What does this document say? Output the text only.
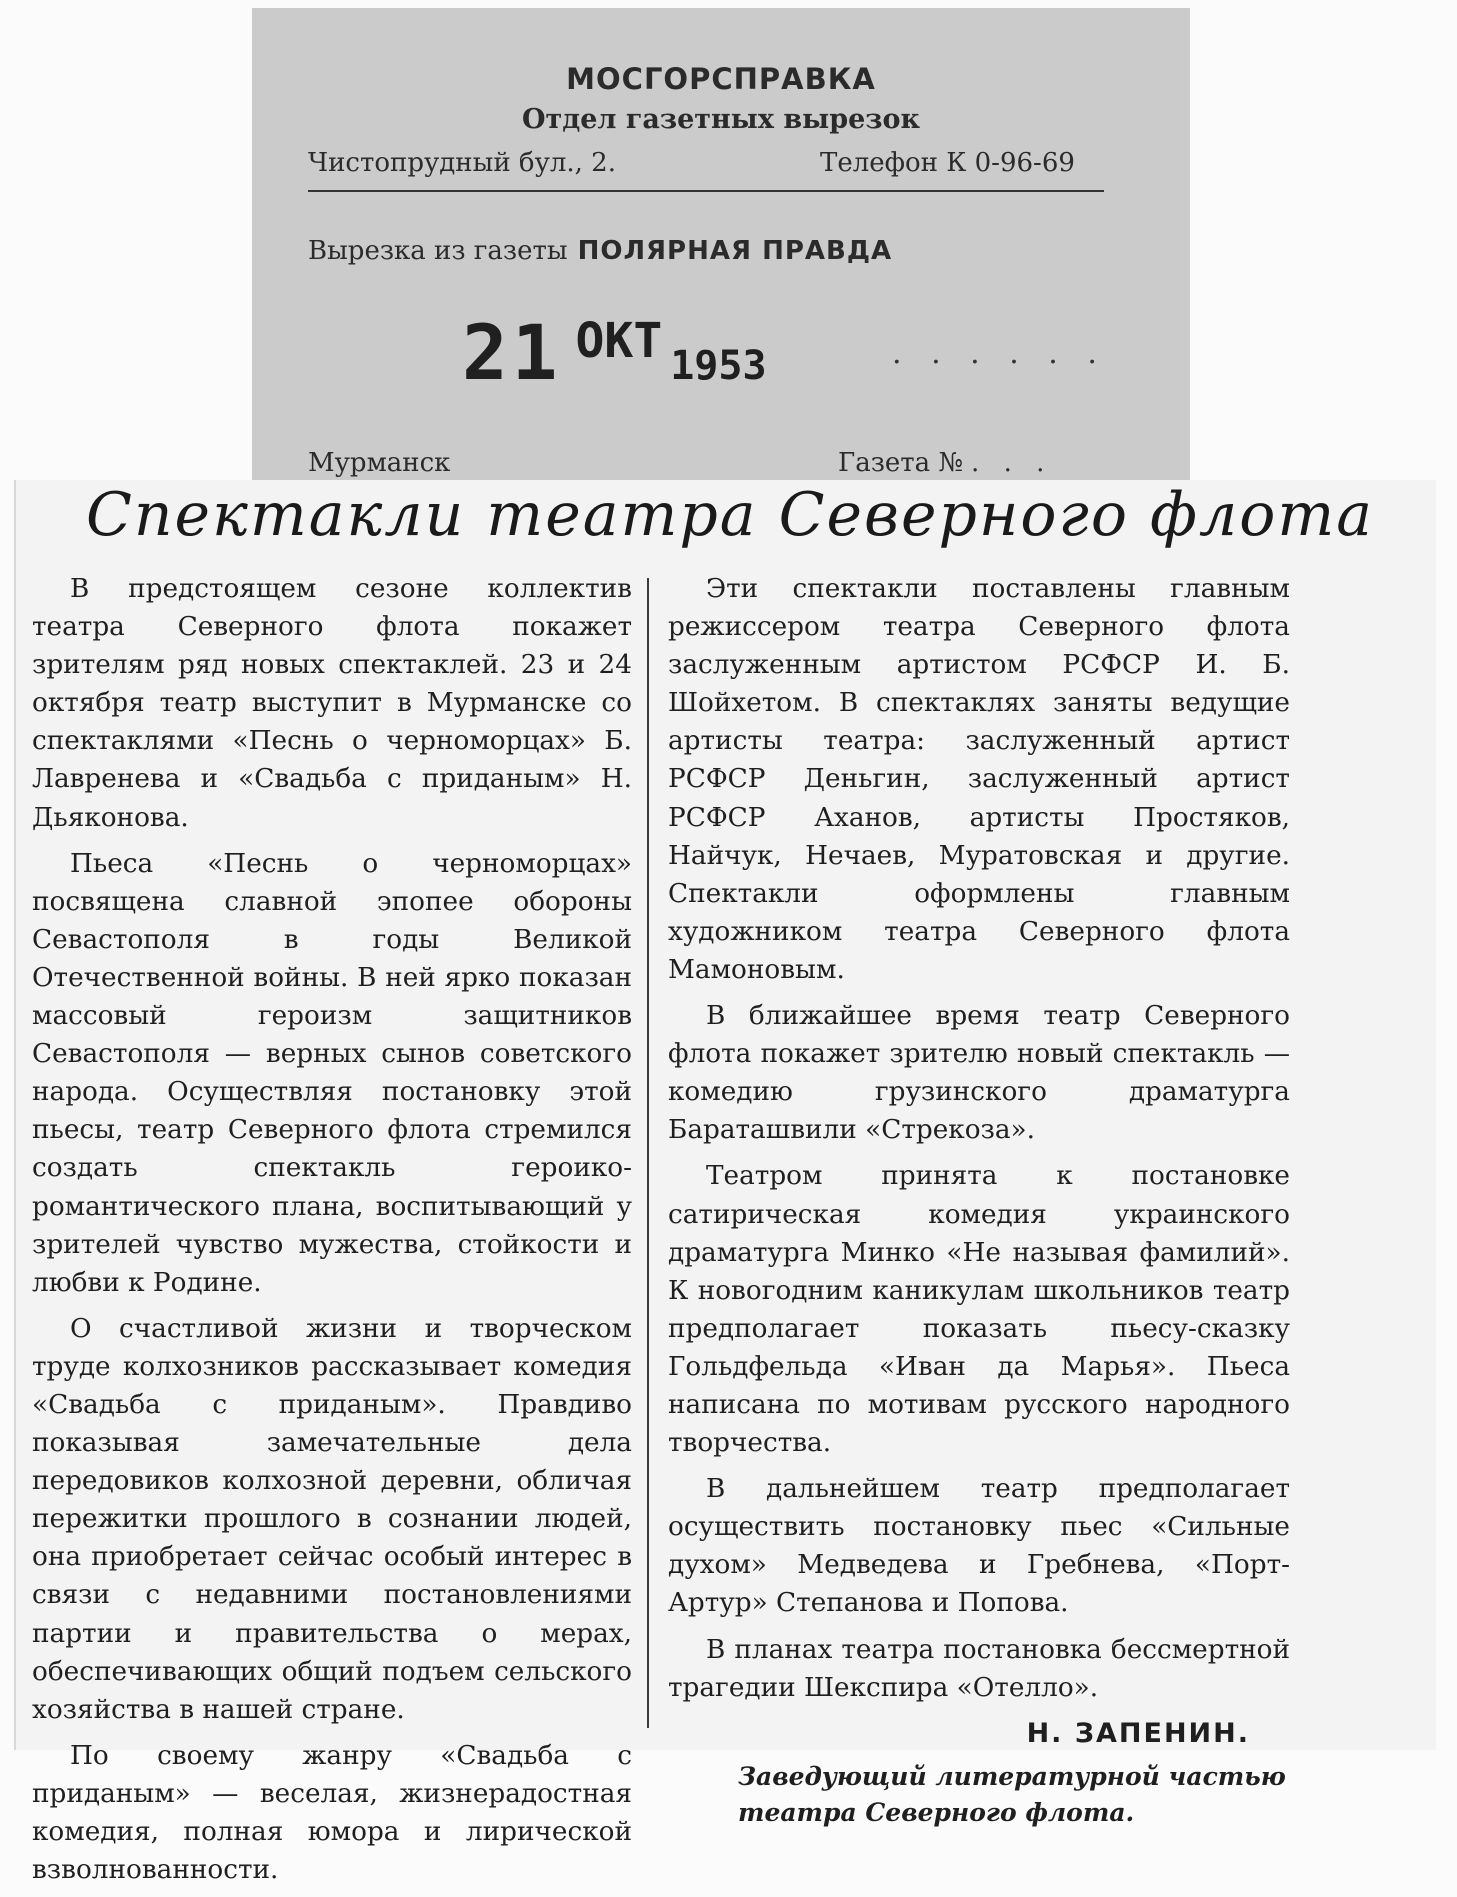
МОСГОРСПРАВКА
Отдел газетных вырезок
Чистопрудный бул., 2.	Телефон К 0-96-69
Вырезка из газеты ПОЛЯРНАЯ ПРАВДА
21 ОКТ 1953	. . . . . .
Мурманск	Газета № . . .
Спектакли театра Северного флота

В предстоящем сезоне коллектив театра Северного флота покажет зрителям ряд новых спектаклей. 23 и 24 октября театр выступит в Мурманске со спектаклями «Песнь о черноморцах» Б. Лавренева и «Свадьба с приданым» Н. Дьяконова.

Пьеса «Песнь о черноморцах» посвящена славной эпопее обороны Севастополя в годы Великой Отечественной войны. В ней ярко показан массовый героизм защитников Севастополя — верных сынов советского народа. Осуществляя постановку этой пьесы, театр Северного флота стремился создать спектакль героико-романтического плана, воспитывающий у зрителей чувство мужества, стойкости и любви к Родине.

О счастливой жизни и творческом труде колхозников рассказывает комедия «Свадьба с приданым». Правдиво показывая замечательные дела передовиков колхозной деревни, обличая пережитки прошлого в сознании людей, она приобретает сейчас особый интерес в связи с недавними постановлениями партии и правительства о мерах, обеспечивающих общий подъем сельского хозяйства в нашей стране.

По своему жанру «Свадьба с приданым» — веселая, жизнерадостная комедия, полная юмора и лирической взволнованности.

Эти спектакли поставлены главным режиссером театра Северного флота заслуженным артистом РСФСР И. Б. Шойхетом. В спектаклях заняты ведущие артисты театра: заслуженный артист РСФСР Деньгин, заслуженный артист РСФСР Аханов, артисты Простяков, Найчук, Нечаев, Муратовская и другие. Спектакли оформлены главным художником театра Северного флота Мамоновым.

В ближайшее время театр Северного флота покажет зрителю новый спектакль — комедию грузинского драматурга Бараташвили «Стрекоза».

Театром принята к постановке сатирическая комедия украинского драматурга Минко «Не называя фамилий». К новогодним каникулам школьников театр предполагает показать пьесу-сказку Гольдфельда «Иван да Марья». Пьеса написана по мотивам русского народного творчества.

В дальнейшем театр предполагает осуществить постановку пьес «Сильные духом» Медведева и Гребнева, «Порт-Артур» Степанова и Попова.

В планах театра постановка бессмертной трагедии Шекспира «Отелло».

Н. ЗАПЕНИН.
Заведующий литературной частью театра Северного флота.
